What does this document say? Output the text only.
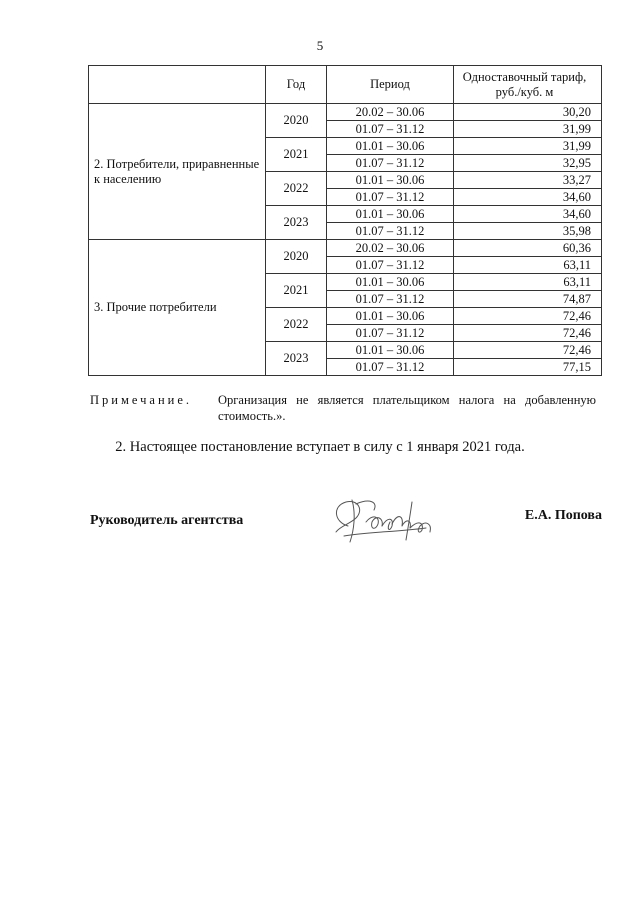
5
	Год	Период	Одноставочный тариф, руб./куб. м
2. Потребители, приравненные к населению	2020	20.02 – 30.06	30,20
		01.07 – 31.12	31,99
	2021	01.01 – 30.06	31,99
		01.07 – 31.12	32,95
	2022	01.01 – 30.06	33,27
		01.07 – 31.12	34,60
	2023	01.01 – 30.06	34,60
		01.07 – 31.12	35,98
3. Прочие потребители	2020	20.02 – 30.06	60,36
		01.07 – 31.12	63,11
	2021	01.01 – 30.06	63,11
		01.07 – 31.12	74,87
	2022	01.01 – 30.06	72,46
		01.07 – 31.12	72,46
	2023	01.01 – 30.06	72,46
		01.07 – 31.12	77,15
Примечание. Организация не является плательщиком налога на добавленную стоимость.».
2. Настоящее постановление вступает в силу с 1 января 2021 года.
Руководитель агентства	Е.А. Попова
